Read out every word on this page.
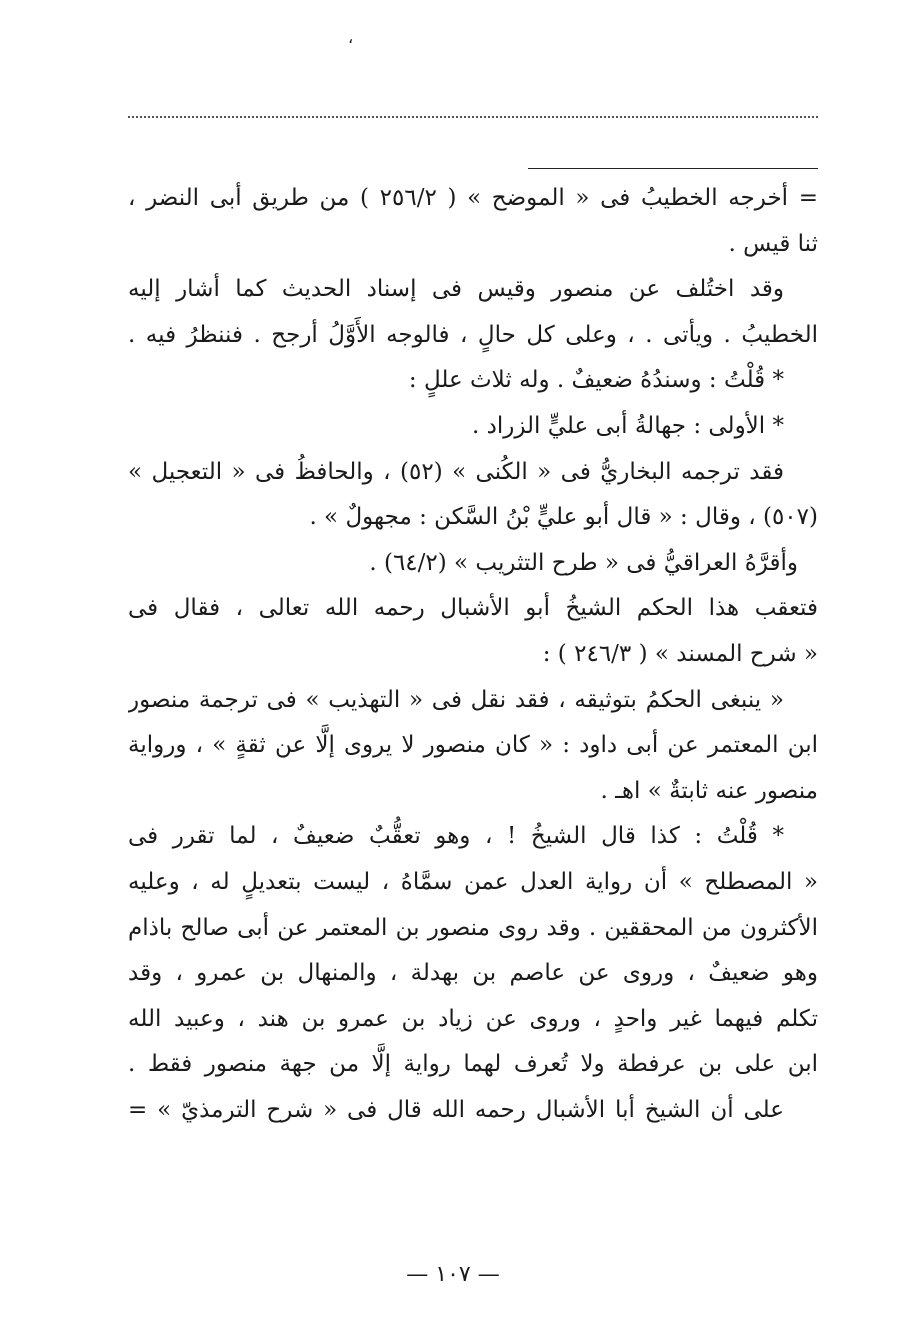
،
= أخرجه الخطيبُ فى « الموضح » ( ٢٥٦/٢ ) من طريق أبى النضر ،
ثنا قيس .
وقد اختُلف عن منصور وقيس فى إسناد الحديث كما أشار إليه
الخطيبُ . ويأتى . ، وعلى كل حالٍ ، فالوجه الأَوَّلُ أرجح . فننظرُ فيه .
* قُلْتُ : وسندُهُ ضعيفٌ . وله ثلاث عللٍ :
* الأولى : جهالةُ أبى عليٍّ الزراد .
فقد ترجمه البخاريُّ فى « الكُنى » (٥٢) ، والحافظُ فى « التعجيل »
(٥٠٧) ، وقال : « قال أبو عليٍّ بْنُ السَّكن : مجهولٌ » .
وأقرَّهُ العراقيُّ فى « طرح التثريب » (٦٤/٢) .
فتعقب هذا الحكم الشيخُ أبو الأشبال رحمه الله تعالى ، فقال فى
« شرح المسند » ( ٢٤٦/٣ ) :
« ينبغى الحكمُ بتوثيقه ، فقد نقل فى « التهذيب » فى ترجمة منصور
ابن المعتمر عن أبى داود : « كان منصور لا يروى إلَّا عن ثقةٍ » ، ورواية
منصور عنه ثابتةٌ » اهـ .
* قُلْتُ : كذا قال الشيخُ ! ، وهو تعقُّبٌ ضعيفٌ ، لما تقرر فى
« المصطلح » أن رواية العدل عمن سمَّاهُ ، ليست بتعديلٍ له ، وعليه
الأكثرون من المحققين . وقد روى منصور بن المعتمر عن أبى صالح باذام
وهو ضعيفٌ ، وروى عن عاصم بن بهدلة ، والمنهال بن عمرو ، وقد
تكلم فيهما غير واحدٍ ، وروى عن زياد بن عمرو بن هند ، وعبيد الله
ابن على بن عرفطة ولا تُعرف لهما رواية إلَّا من جهة منصور فقط .
على أن الشيخ أبا الأشبال رحمه الله قال فى « شرح الترمذيّ » =
— ١٠٧ —
